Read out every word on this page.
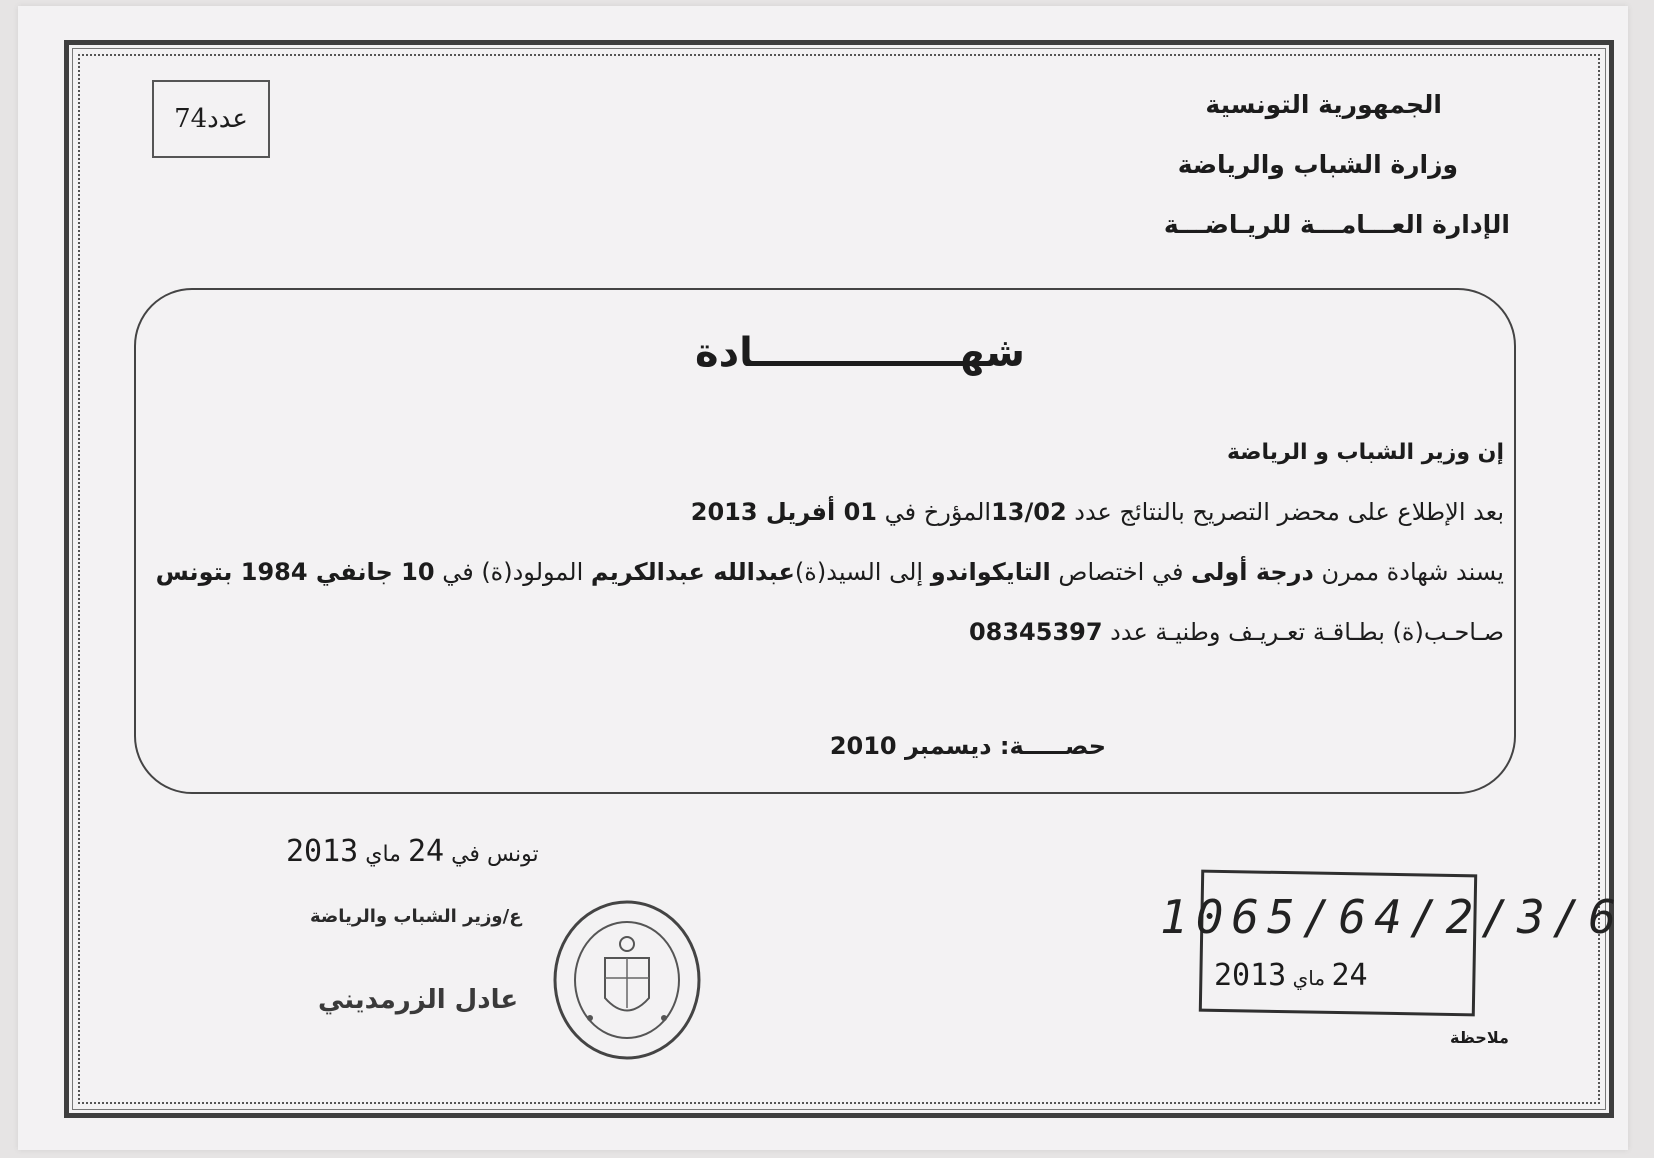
عدد
74	الجمهورية التونسية
وزارة الشباب والرياضة
الإدارة العـــامـــة للريـاضـــة
شهـــــــــــــــادة
إن وزير الشباب و الرياضة
بعد الإطلاع على محضر التصريح بالنتائج عدد 13/02المؤرخ في 01 أفريل 2013
يسند شهادة ممرن درجة أولى في اختصاص التايكواندو إلى السيد(ة)عبدالله عبدالكريم المولود(ة) في 10 جانفي 1984 بتونس
صـاحـب(ة) بطـاقـة تعـريـف وطنيـة عدد 08345397
حصـــــة: ديسمبر 2010
تونس في 24 ماي 2013
ع/وزير الشباب والرياضة
عادل الزرمديني
1065/64/2/3/6
24 ماي 2013
ملاحظة
